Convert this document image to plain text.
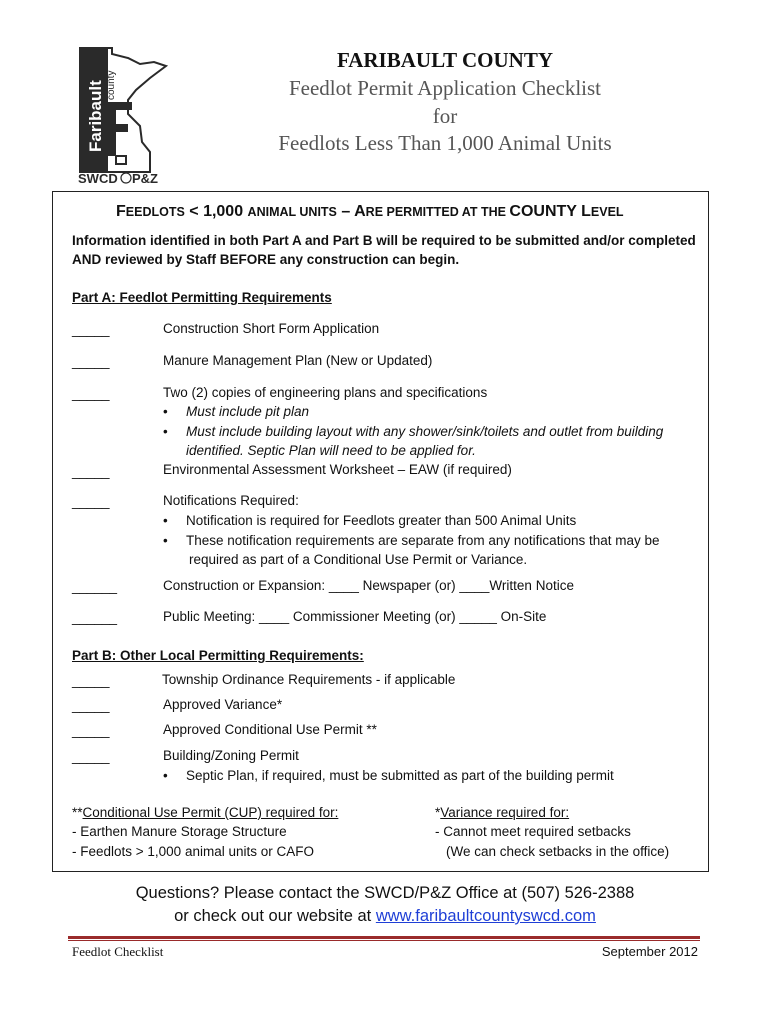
Faribault county
SWCD P&Z
FARIBAULT COUNTY
Feedlot Permit Application Checklist
for
Feedlots Less Than 1,000 Animal Units
FEEDLOTS < 1,000 ANIMAL UNITS – ARE PERMITTED AT THE COUNTY LEVEL
Information identified in both Part A and Part B will be required to be submitted and/or completed
AND reviewed by Staff BEFORE any construction can begin.
Part A: Feedlot Permitting Requirements
_____	Construction Short Form Application
_____	Manure Management Plan (New or Updated)
_____	Two (2) copies of engineering plans and specifications
• Must include pit plan
• Must include building layout with any shower/sink/toilets and outlet from building
identified. Septic Plan will need to be applied for.
_____	Environmental Assessment Worksheet – EAW (if required)
_____	Notifications Required:
• Notification is required for Feedlots greater than 500 Animal Units
• These notification requirements are separate from any notifications that may be
required as part of a Conditional Use Permit or Variance.
______	Construction or Expansion: ____ Newspaper (or) ____Written Notice
______	Public Meeting: ____ Commissioner Meeting (or) _____ On-Site
Part B: Other Local Permitting Requirements:
_____	Township Ordinance Requirements - if applicable
_____	Approved Variance*
_____	Approved Conditional Use Permit **
_____	Building/Zoning Permit
• Septic Plan, if required, must be submitted as part of the building permit
**Conditional Use Permit (CUP) required for:
- Earthen Manure Storage Structure
- Feedlots > 1,000 animal units or CAFO
*Variance required for:
- Cannot meet required setbacks
(We can check setbacks in the office)
Questions? Please contact the SWCD/P&Z Office at (507) 526-2388
or check out our website at www.faribaultcountyswcd.com
Feedlot Checklist	September 2012
